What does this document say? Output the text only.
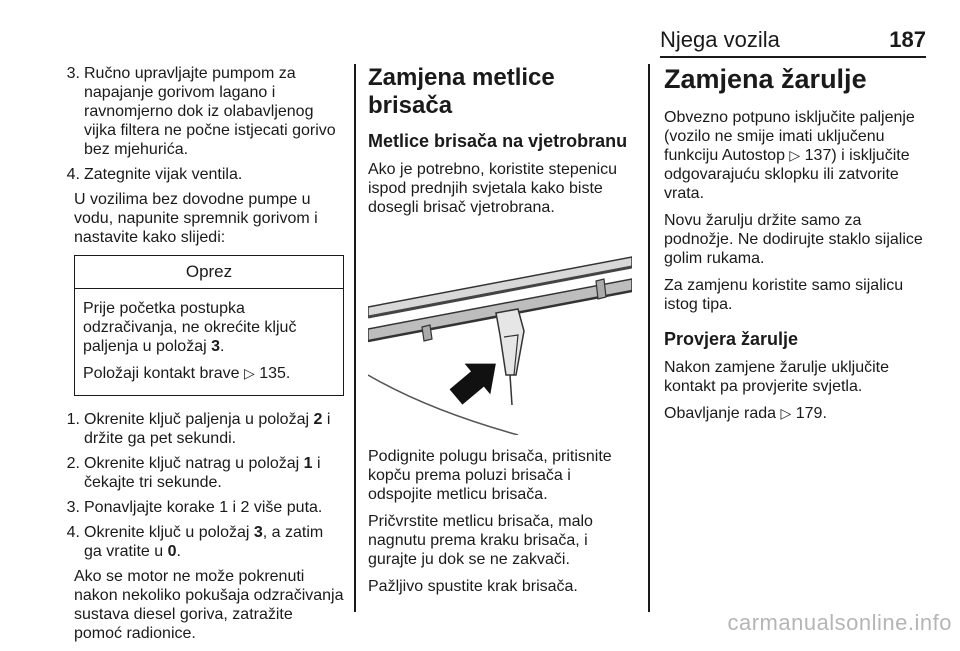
Njega vozila	187
3. Ručno upravljajte pumpom za napajanje gorivom lagano i ravnomjerno dok iz olabavljenog vijka filtera ne počne istjecati gorivo bez mjehurića.
4. Zategnite vijak ventila.

U vozilima bez dovodne pumpe u vodu, napunite spremnik gorivom i nastavite kako slijedi:

Oprez

Prije početka postupka odzračivanja, ne okrećite ključ paljenja u položaj 3.

Položaji kontakt brave ▷ 135.

1. Okrenite ključ paljenja u položaj 2 i držite ga pet sekundi.
2. Okrenite ključ natrag u položaj 1 i čekajte tri sekunde.
3. Ponavljajte korake 1 i 2 više puta.
4. Okrenite ključ u položaj 3, a zatim ga vratite u 0.

Ako se motor ne može pokrenuti nakon nekoliko pokušaja odzračivanja sustava diesel goriva, zatražite pomoć radionice.

Zamjena metlice brisača
Metlice brisača na vjetrobranu

Ako je potrebno, koristite stepenicu ispod prednjih svjetala kako biste dosegli brisač vjetrobrana.

Podignite polugu brisača, pritisnite kopču prema poluzi brisača i odspojite metlicu brisača.

Pričvrstite metlicu brisača, malo nagnutu prema kraku brisača, i gurajte ju dok se ne zakvači.

Pažljivo spustite krak brisača.

Zamjena žarulje

Obvezno potpuno isključite paljenje (vozilo ne smije imati uključenu funkciju Autostop ▷ 137) i isključite odgovarajuću sklopku ili zatvorite vrata.

Novu žarulju držite samo za podnožje. Ne dodirujte staklo sijalice golim rukama.

Za zamjenu koristite samo sijalicu istog tipa.

Provjera žarulje

Nakon zamjene žarulje uključite kontakt pa provjerite svjetla.

Obavljanje rada ▷ 179.

carmanualsonline.info
